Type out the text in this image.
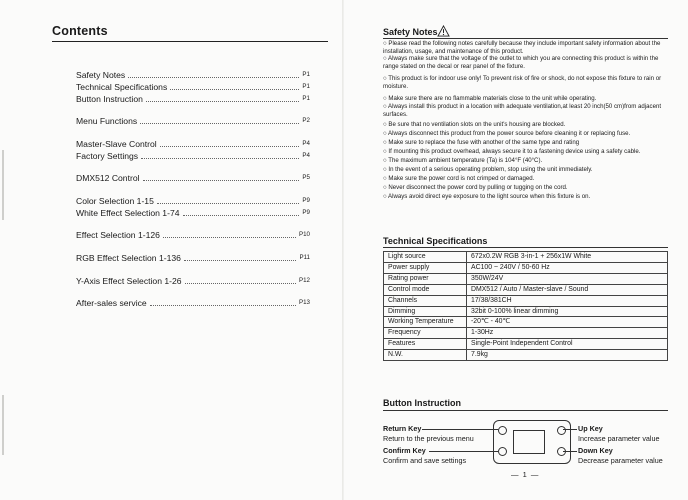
Contents
Safety Notes	P1
Technical Specifications	P1
Button Instruction	P1
Menu Functions	P2
Master-Slave Control	P4
Factory Settings	P4
DMX512 Control	P5
Color Selection 1-15	P9
White Effect Selection 1-74	P9
Effect Selection 1-126	P10
RGB Effect Selection 1-136	P11
Y-Axis Effect Selection 1-26	P12
After-sales service	P13
Safety Notes

○ Please read the following notes carefully because they include important safety information about the installation, usage, and maintenance of this product.

○ Always make sure that the voltage of the outlet to which you are connecting this product is within the range stated on the decal or rear panel of the fixture.

○ This product is for indoor use only! To prevent risk of fire or shock, do not expose this fixture to rain or moisture.

○ Make sure there are no flammable materials close to the unit while operating.

○ Always install this product in a location with adequate ventilation,at least 20 inch(50 cm)from adjacent surfaces.

○ Be sure that no ventilation slots on the unit's housing are blocked.

○ Always disconnect this product from the power source before cleaning it or replacing fuse.

○ Make sure to replace the fuse with another of the same type and rating

○ If mounting this product overhead, always secure it to a fastening device using a safety cable.

○ The maximum ambient temperature (Ta) is 104°F (40°C).

○ In the event of a serious operating problem, stop using the unit immediately.

○ Make sure the power cord is not crimped or damaged.

○ Never disconnect the power cord by pulling or tugging on the cord.

○ Always avoid direct eye exposure to the light source when this fixture is on.

Technical Specifications
Light source	672x0.2W RGB 3-in-1 + 256x1W White
Power supply	AC100 ~ 240V / 50-60 Hz
Rating power	350W/24V
Control mode	DMX512 / Auto / Master-slave / Sound
Channels	17/38/381CH
Dimming	32bit 0-100% linear dimming
Working Temperature	-20℃ - 40℃
Frequency	1-30Hz
Features	Single-Point Independent Control
N.W.	7.9kg
Button Instruction
Return Key
Return to the previous menu
Confirm Key
Confirm and save settings
Up Key
Increase parameter value
Down Key
Decrease parameter value
— 1 —
